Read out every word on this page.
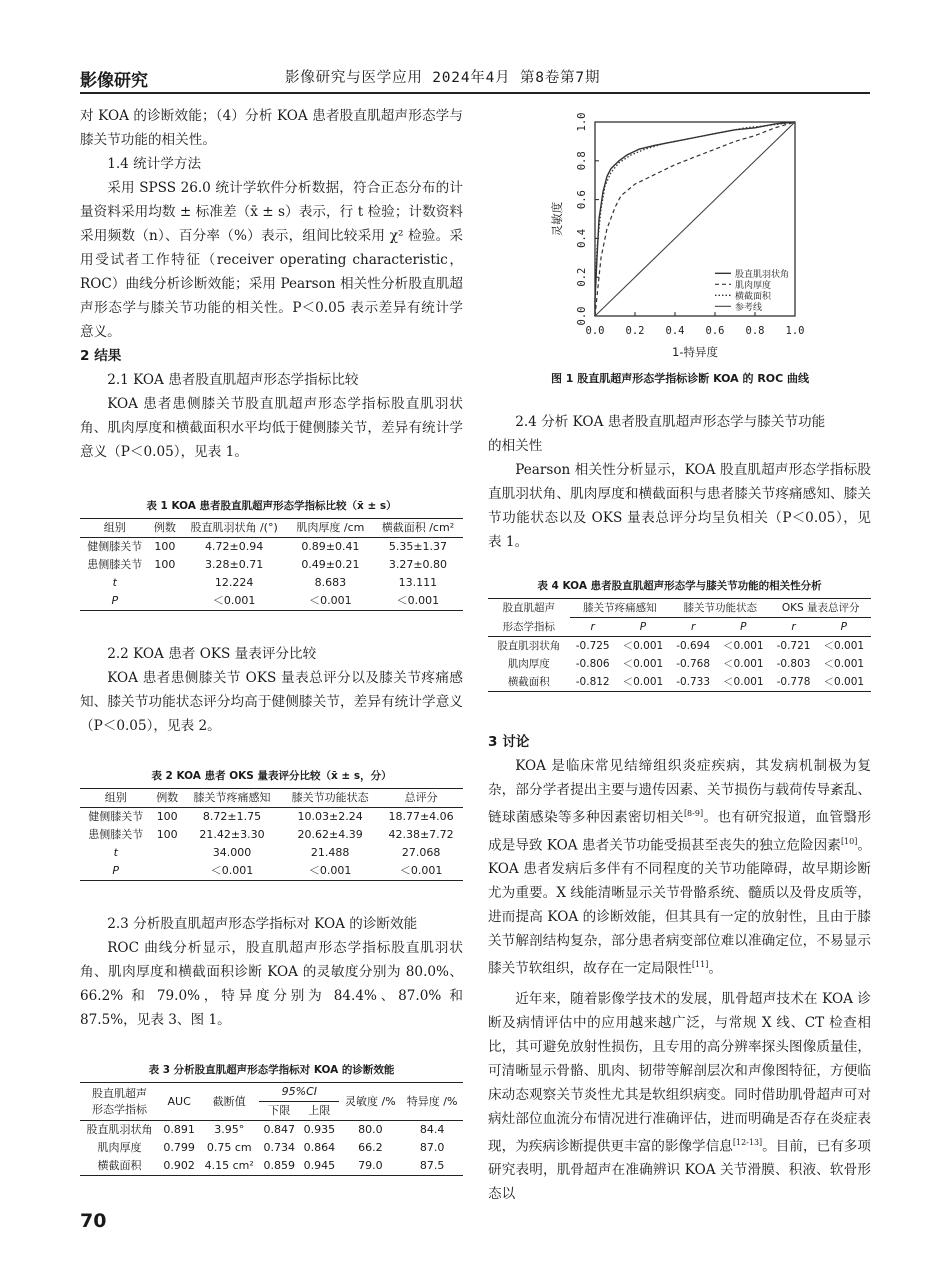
影像研究	影像研究与医学应用 2024年4月 第8卷第7期

对 KOA 的诊断效能；（4）分析 KOA 患者股直肌超声形态学与膝关节功能的相关性。

1.4 统计学方法

采用 SPSS 26.0 统计学软件分析数据，符合正态分布的计量资料采用均数 ± 标准差（x̄ ± s）表示，行 t 检验；计数资料采用频数（n）、百分率（%）表示，组间比较采用 χ² 检验。采用受试者工作特征（receiver operating characteristic，ROC）曲线分析诊断效能；采用 Pearson 相关性分析股直肌超声形态学与膝关节功能的相关性。P＜0.05 表示差异有统计学意义。

2 结果

2.1 KOA 患者股直肌超声形态学指标比较

KOA 患者患侧膝关节股直肌超声形态学指标股直肌羽状角、肌肉厚度和横截面积水平均低于健侧膝关节，差异有统计学意义（P＜0.05），见表 1。

表 1 KOA 患者股直肌超声形态学指标比较（x̄ ± s）
组别	例数	股直肌羽状角 /(°)	肌肉厚度 /cm	横截面积 /cm²
健侧膝关节	100	4.72±0.94	0.89±0.41	5.35±1.37
患侧膝关节	100	3.28±0.71	0.49±0.21	3.27±0.80
t		12.224	8.683	13.111
P		＜0.001	＜0.001	＜0.001

2.2 KOA 患者 OKS 量表评分比较

KOA 患者患侧膝关节 OKS 量表总评分以及膝关节疼痛感知、膝关节功能状态评分均高于健侧膝关节，差异有统计学意义（P＜0.05），见表 2。

表 2 KOA 患者 OKS 量表评分比较（x̄ ± s，分）
组别	例数	膝关节疼痛感知	膝关节功能状态	总评分
健侧膝关节	100	8.72±1.75	10.03±2.24	18.77±4.06
患侧膝关节	100	21.42±3.30	20.62±4.39	42.38±7.72
t		34.000	21.488	27.068
P		＜0.001	＜0.001	＜0.001

2.3 分析股直肌超声形态学指标对 KOA 的诊断效能

ROC 曲线分析显示，股直肌超声形态学指标股直肌羽状角、肌肉厚度和横截面积诊断 KOA 的灵敏度分别为 80.0%、66.2% 和 79.0%，特异度分别为 84.4%、87.0% 和 87.5%，见表 3、图 1。

表 3 分析股直肌超声形态学指标对 KOA 的诊断效能
股直肌超声
形态学指标	AUC	截断值	95%CI		灵敏度 /%	特异度 /%
			下限	上限		
股直肌羽状角	0.891	3.95°	0.847	0.935	80.0	84.4
肌肉厚度	0.799	0.75 cm	0.734	0.864	66.2	87.0
横截面积	0.902	4.15 cm²	0.859	0.945	79.0	87.5
70
0.0 0.2 0.4 0.6 0.8 1.0
0.0
0.2
0.4
0.6
0.8
1.0
1-特异度
灵敏度
股直肌羽状角
肌肉厚度
横截面积
参考线
图 1 股直肌超声形态学指标诊断 KOA 的 ROC 曲线

2.4 分析 KOA 患者股直肌超声形态学与膝关节功能

的相关性

Pearson 相关性分析显示，KOA 股直肌超声形态学指标股直肌羽状角、肌肉厚度和横截面积与患者膝关节疼痛感知、膝关节功能状态以及 OKS 量表总评分均呈负相关（P＜0.05），见表 1。

表 4 KOA 患者股直肌超声形态学与膝关节功能的相关性分析
股直肌超声	膝关节疼痛感知		膝关节功能状态		OKS 量表总评分	
形态学指标	r	P	r	P	r	P
股直肌羽状角	-0.725	＜0.001	-0.694	＜0.001	-0.721	＜0.001
肌肉厚度	-0.806	＜0.001	-0.768	＜0.001	-0.803	＜0.001
横截面积	-0.812	＜0.001	-0.733	＜0.001	-0.778	＜0.001

3 讨论

KOA 是临床常见结缔组织炎症疾病，其发病机制极为复杂，部分学者提出主要与遗传因素、关节损伤与载荷传导紊乱、链球菌感染等多种因素密切相关[8-9]。也有研究报道，血管翳形成是导致 KOA 患者关节功能受损甚至丧失的独立危险因素[10]。KOA 患者发病后多伴有不同程度的关节功能障碍，故早期诊断尤为重要。X 线能清晰显示关节骨骼系统、髓质以及骨皮质等，进而提高 KOA 的诊断效能，但其具有一定的放射性，且由于膝关节解剖结构复杂，部分患者病变部位难以准确定位，不易显示膝关节软组织，故存在一定局限性[11]。

近年来，随着影像学技术的发展，肌骨超声技术在 KOA 诊断及病情评估中的应用越来越广泛，与常规 X 线、CT 检查相比，其可避免放射性损伤，且专用的高分辨率探头图像质量佳，可清晰显示骨骼、肌肉、韧带等解剖层次和声像图特征，方便临床动态观察关节炎性尤其是软组织病变。同时借助肌骨超声可对病灶部位血流分布情况进行准确评估，进而明确是否存在炎症表现，为疾病诊断提供更丰富的影像学信息[12-13]。目前，已有多项研究表明，肌骨超声在准确辨识 KOA 关节滑膜、积液、软骨形态以
